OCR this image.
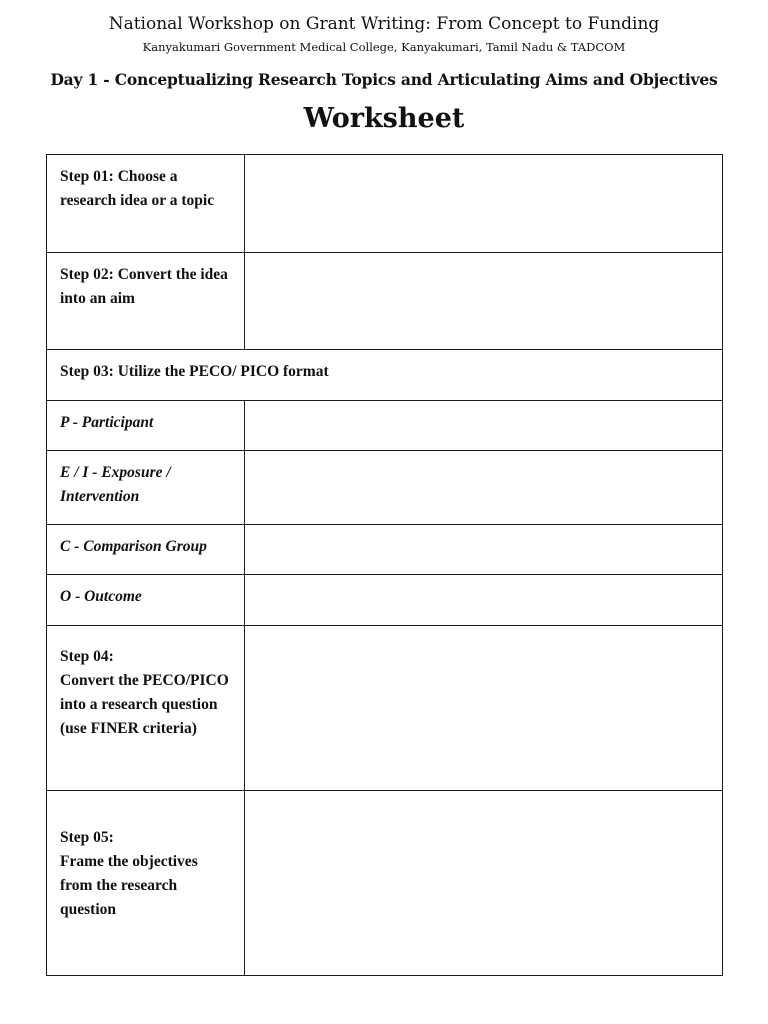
National Workshop on Grant Writing: From Concept to Funding
Kanyakumari Government Medical College, Kanyakumari, Tamil Nadu & TADCOM
Day 1 - Conceptualizing Research Topics and Articulating Aims and Objectives
Worksheet
Step 01: Choose a research idea or a topic	

Step 02: Convert the idea into an aim	

Step 03: Utilize the PECO/ PICO format	

P - Participant	

E / I - Exposure / Intervention	

C - Comparison Group	

O - Outcome	

Step 04:
Convert the PECO/PICO into a research question (use FINER criteria)	

Step 05:
Frame the objectives from the research question	
